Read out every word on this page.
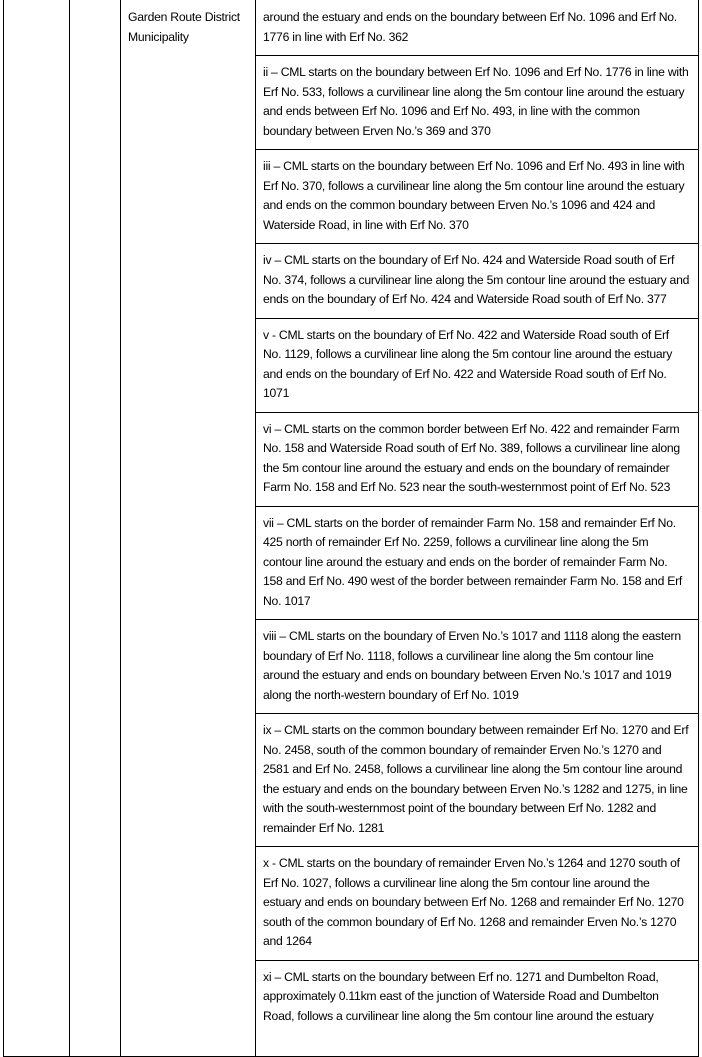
		Garden Route District Municipality	around the estuary and ends on the boundary between Erf No. 1096 and Erf No. 1776 in line with Erf No. 362
ii – CML starts on the boundary between Erf No. 1096 and Erf No. 1776 in line with Erf No. 533, follows a curvilinear line along the 5m contour line around the estuary and ends between Erf No. 1096 and Erf No. 493, in line with the common boundary between Erven No.’s 369 and 370
iii – CML starts on the boundary between Erf No. 1096 and Erf No. 493 in line with Erf No. 370, follows a curvilinear line along the 5m contour line around the estuary and ends on the common boundary between Erven No.’s 1096 and 424 and Waterside Road, in line with Erf No. 370
iv – CML starts on the boundary of Erf No. 424 and Waterside Road south of Erf No. 374, follows a curvilinear line along the 5m contour line around the estuary and ends on the boundary of Erf No. 424 and Waterside Road south of Erf No. 377
v - CML starts on the boundary of Erf No. 422 and Waterside Road south of Erf No. 1129, follows a curvilinear line along the 5m contour line around the estuary and ends on the boundary of Erf No. 422 and Waterside Road south of Erf No. 1071
vi – CML starts on the common border between Erf No. 422 and remainder Farm No. 158 and Waterside Road south of Erf No. 389, follows a curvilinear line along the 5m contour line around the estuary and ends on the boundary of remainder Farm No. 158 and Erf No. 523 near the south-westernmost point of Erf No. 523
vii – CML starts on the border of remainder Farm No. 158 and remainder Erf No. 425 north of remainder Erf No. 2259, follows a curvilinear line along the 5m contour line around the estuary and ends on the border of remainder Farm No. 158 and Erf No. 490 west of the border between remainder Farm No. 158 and Erf No. 1017
viii – CML starts on the boundary of Erven No.’s 1017 and 1118 along the eastern boundary of Erf No. 1118, follows a curvilinear line along the 5m contour line around the estuary and ends on boundary between Erven No.’s 1017 and 1019 along the north-western boundary of Erf No. 1019
ix – CML starts on the common boundary between remainder Erf No. 1270 and Erf No. 2458, south of the common boundary of remainder Erven No.’s 1270 and 2581 and Erf No. 2458, follows a curvilinear line along the 5m contour line around the estuary and ends on the boundary between Erven No.’s 1282 and 1275, in line with the south-westernmost point of the boundary between Erf No. 1282 and remainder Erf No. 1281
x - CML starts on the boundary of remainder Erven No.’s 1264 and 1270 south of Erf No. 1027, follows a curvilinear line along the 5m contour line around the estuary and ends on boundary between Erf No. 1268 and remainder Erf No. 1270 south of the common boundary of Erf No. 1268 and remainder Erven No.’s 1270 and 1264
xi – CML starts on the boundary between Erf no. 1271 and Dumbelton Road, approximately 0.11km east of the junction of Waterside Road and Dumbelton Road, follows a curvilinear line along the 5m contour line around the estuary
